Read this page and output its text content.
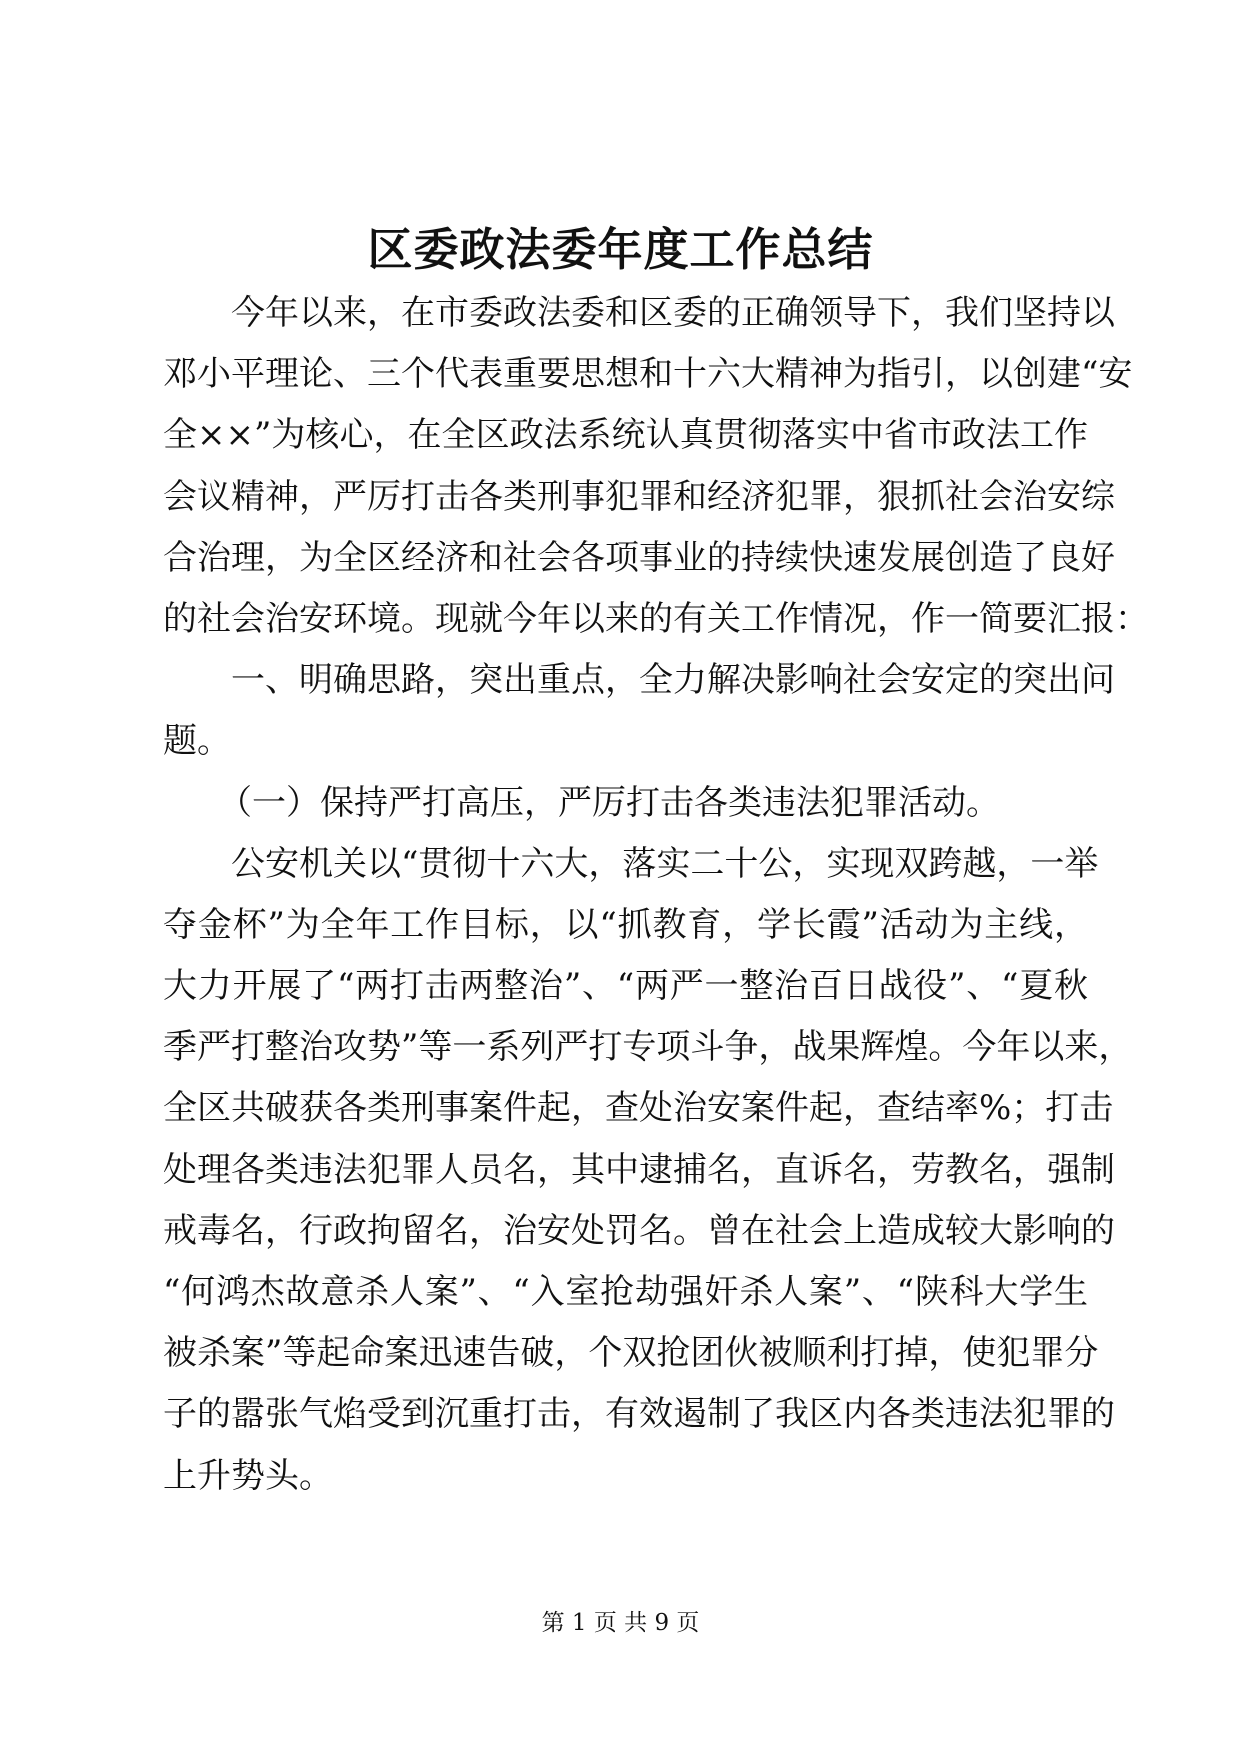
区委政法委年度工作总结
今年以来，在市委政法委和区委的正确领导下，我们坚持以
邓小平理论、三个代表重要思想和十六大精神为指引，以创建“安
全××”为核心，在全区政法系统认真贯彻落实中省市政法工作
会议精神，严厉打击各类刑事犯罪和经济犯罪，狠抓社会治安综
合治理，为全区经济和社会各项事业的持续快速发展创造了良好
的社会治安环境。现就今年以来的有关工作情况，作一简要汇报：
一、明确思路，突出重点，全力解决影响社会安定的突出问
题。
（一）保持严打高压，严厉打击各类违法犯罪活动。
公安机关以“贯彻十六大，落实二十公，实现双跨越，一举
夺金杯”为全年工作目标，以“抓教育，学长霞”活动为主线，
大力开展了“两打击两整治”、“两严一整治百日战役”、“夏秋
季严打整治攻势”等一系列严打专项斗争，战果辉煌。今年以来，
全区共破获各类刑事案件起，查处治安案件起，查结率%；打击
处理各类违法犯罪人员名，其中逮捕名，直诉名，劳教名，强制
戒毒名，行政拘留名，治安处罚名。曾在社会上造成较大影响的
“何鸿杰故意杀人案”、“入室抢劫强奸杀人案”、“陕科大学生
被杀案”等起命案迅速告破，个双抢团伙被顺利打掉，使犯罪分
子的嚣张气焰受到沉重打击，有效遏制了我区内各类违法犯罪的
上升势头。
第 1 页 共 9 页
